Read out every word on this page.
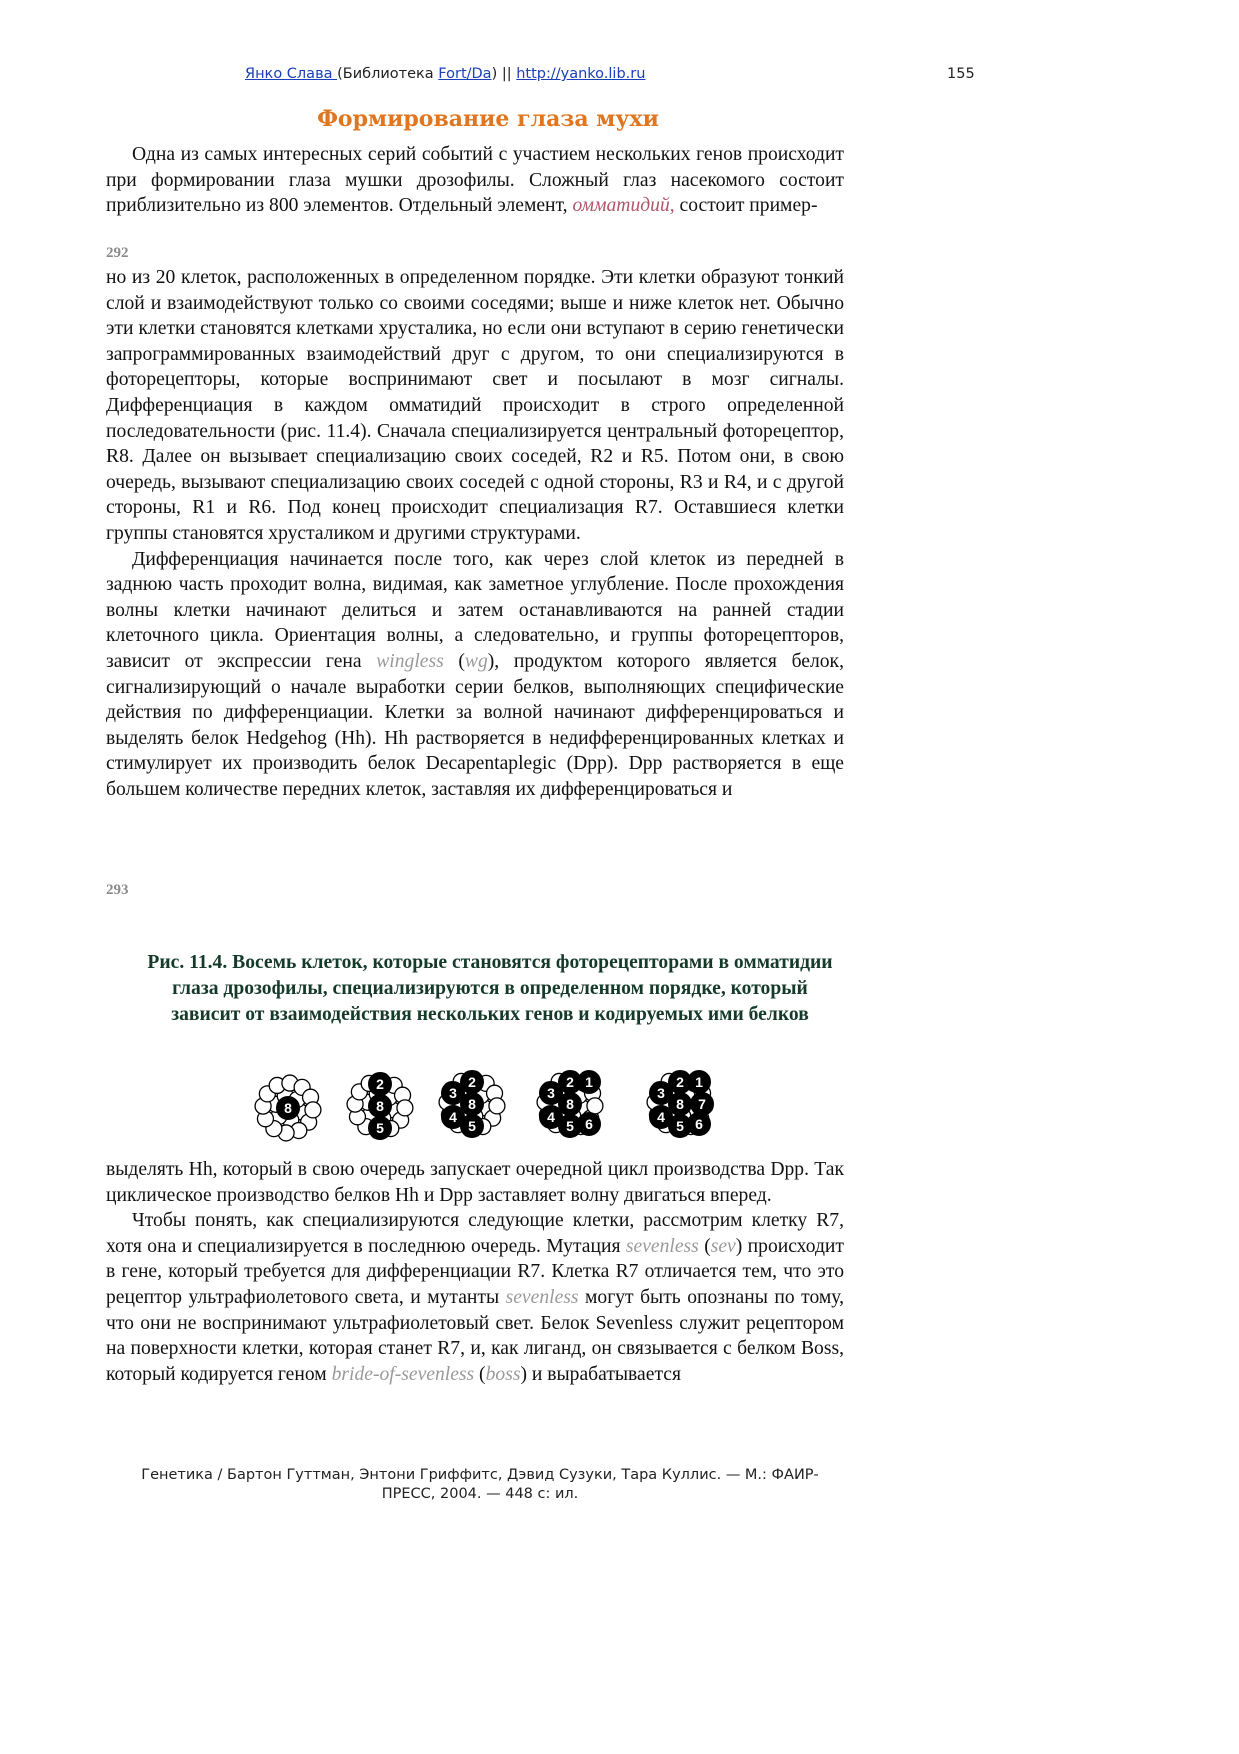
Янко Слава (Библиотека Fort/Da) || http://yanko.lib.ru	155
Формирование глаза мухи

Одна из самых интересных серий событий с участием нескольких генов происходит при формировании глаза мушки дрозофилы. Сложный глаз насекомого состоит приблизительно из 800 элементов. Отдельный элемент, омматидий, состоит пример-

292

но из 20 клеток, расположенных в определенном порядке. Эти клетки образуют тонкий слой и взаимодействуют только со своими соседями; выше и ниже клеток нет. Обычно эти клетки становятся клетками хрусталика, но если они вступают в серию генетически запрограммированных взаимодействий друг с другом, то они специализируются в фоторецепторы, которые воспринимают свет и посылают в мозг сигналы. Дифференциация в каждом омматидий происходит в строго определенной последовательности (рис. 11.4). Сначала специализируется центральный фоторецептор, R8. Далее он вызывает специализацию своих соседей, R2 и R5. Потом они, в свою очередь, вызывают специализацию своих соседей с одной стороны, R3 и R4, и с другой стороны, R1 и R6. Под конец происходит специализация R7. Оставшиеся клетки группы становятся хрусталиком и другими структурами.

Дифференциация начинается после того, как через слой клеток из передней в заднюю часть проходит волна, видимая, как заметное углубление. После прохождения волны клетки начинают делиться и затем останавливаются на ранней стадии клеточного цикла. Ориентация волны, а следовательно, и группы фоторецепторов, зависит от экспрессии гена wingless (wg), продуктом которого является белок, сигнализирующий о начале выработки серии белков, выполняющих специфические действия по дифференциации. Клетки за волной начинают дифференцироваться и выделять белок Hedgehog (Hh). Hh растворяется в недифференцированных клетках и стимулирует их производить белок Decapentaplegic (Dpp). Dpp растворяется в еще большем количестве передних клеток, заставляя их дифференцироваться и

293
Рис. 11.4. Восемь клеток, которые становятся фоторецепторами в омматидии глаза дрозофилы, специализируются в определенном порядке, который зависит от взаимодействия нескольких генов и кодируемых ими белков
8
2
8
5
2
3
8
4
5
2 1
3
8
4
5 6
2 1
3
8 7
4
5 6

выделять Hh, который в свою очередь запускает очередной цикл производства Dpp. Так циклическое производство белков Hh и Dpp заставляет волну двигаться вперед.

Чтобы понять, как специализируются следующие клетки, рассмотрим клетку R7, хотя она и специализируется в последнюю очередь. Мутация sevenless (sev) происходит в гене, который требуется для дифференциации R7. Клетка R7 отличается тем, что это рецептор ультрафиолетового света, и мутанты sevenless могут быть опознаны по тому, что они не воспринимают ультрафиолетовый свет. Белок Sevenless служит рецептором на поверхности клетки, которая станет R7, и, как лиганд, он связывается с белком Boss, который кодируется геном bride-of-sevenless (boss) и вырабатывается

Генетика / Бартон Гуттман, Энтони Гриффитс, Дэвид Сузуки, Тара Куллис. — М.: ФАИР-
ПРЕСС, 2004. — 448 с: ил.
